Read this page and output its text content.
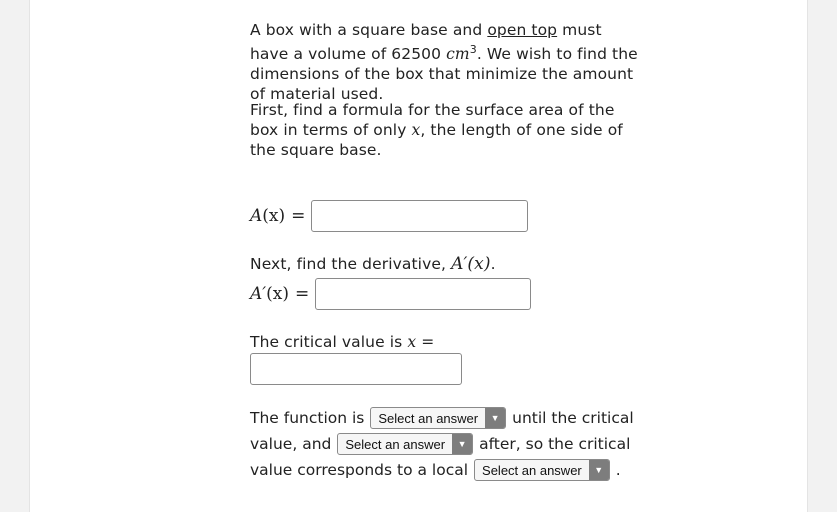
A box with a square base and open top must have a volume of 62500 $cm^3$. We wish to find the dimensions of the box that minimize the amount of material used.

First, find a formula for the surface area of the box in terms of only x, the length of one side of the square base.

A(x) =

Next, find the derivative, A′(x).

A′(x) =

The critical value is x =

The function is	Select an answer	▼ until the critical
value, and	Select an answer	▼ after, so the critical
value corresponds to a local	Select an answer	▼ .
